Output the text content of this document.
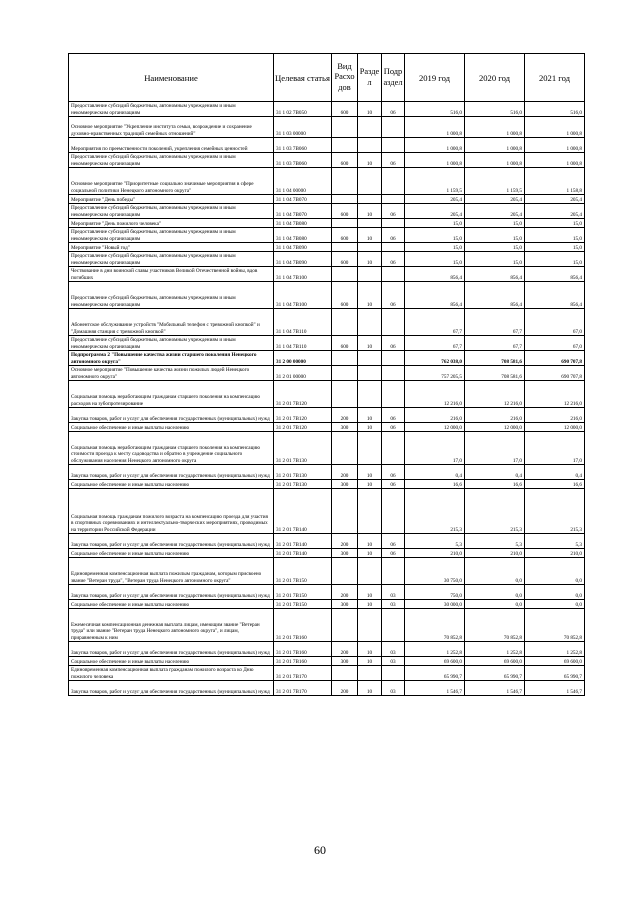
Наименование	Целевая статья	Вид Расхо дов	Разде л	Подр аздел	2019 год	2020 год	2021 год
Предоставление субсидий бюджетным, автономным учреждениям и иным некоммерческим организациям	31 1 02 7В050	600	10	06	516,0	516,0	516,0
Основное мероприятие "Укрепление института семьи, возрождение и сохранение духовно-нравственных традиций семейных отношений"	31 1 03 00000				1 000,8	1 000,8	1 000,8
Мероприятия по преемственности поколений, укрепления семейных ценностей	31 1 03 7В060				1 000,8	1 000,8	1 000,8
Предоставление субсидий бюджетным, автономным учреждениям и иным некоммерческим организациям	31 1 03 7В060	600	10	06	1 000,8	1 000,8	1 000,8
Основное мероприятие "Приоритетные социально значимые мероприятия в сфере социальной политики Ненецкого автономного округа"	31 1 04 00000				1 159,5	1 159,5	1 158,8
Мероприятие "День победы"	31 1 04 7В070				205,4	205,4	205,4
Предоставление субсидий бюджетным, автономным учреждениям и иным некоммерческим организациям	31 1 04 7В070	600	10	06	205,4	205,4	205,4
Мероприятие "День пожилого человека"	31 1 04 7В080				15,0	15,0	15,0
Предоставление субсидий бюджетным, автономным учреждениям и иным некоммерческим организациям	31 1 04 7В080	600	10	06	15,0	15,0	15,0
Мероприятие "Новый год"	31 1 04 7В090				15,0	15,0	15,0
Предоставление субсидий бюджетным, автономным учреждениям и иным некоммерческим организациям	31 1 04 7В090	600	10	06	15,0	15,0	15,0
Чествование в дни воинской славы участников Великой Отечественной войны, вдов погибших	31 1 04 7В100				856,4	856,4	856,4
Предоставление субсидий бюджетным, автономным учреждениям и иным некоммерческим организациям	31 1 04 7В100	600	10	06	856,4	856,4	856,4
Абонентское обслуживание устройств "Мобильный телефон с тревожной кнопкой" и "Домашняя станция с тревожной кнопкой"	31 1 04 7В110				67,7	67,7	67,0
Предоставление субсидий бюджетным, автономным учреждениям и иным некоммерческим организациям	31 1 04 7В110	600	10	06	67,7	67,7	67,0
Подпрограмма 2 "Повышение качества жизни старшего поколения Ненецкого автономного округа"	31 2 00 00000				762 038,0	708 581,6	690 707,8
Основное мероприятие "Повышение качества жизни пожилых людей Ненецкого автономного округа"	31 2 01 00000				757 205,5	708 581,6	690 707,8
Социальная помощь неработающим гражданам старшего поколения на компенсацию расходов на зубопротезирование	31 2 01 7В120				12 216,0	12 216,0	12 216,0
Закупка товаров, работ и услуг для обеспечения государственных (муниципальных) нужд	31 2 01 7В120	200	10	06	216,0	216,0	216,0
Социальное обеспечение и иные выплаты населению	31 2 01 7В120	300	10	06	12 000,0	12 000,0	12 000,0
Социальная помощь неработающим гражданам старшего поколения на компенсацию стоимости проезда к месту садоводства и обратно в учреждение социального обслуживания населения Ненецкого автономного округа	31 2 01 7В130				17,0	17,0	17,0
Закупка товаров, работ и услуг для обеспечения государственных (муниципальных) нужд	31 2 01 7В130	200	10	06	0,4	0,4	0,4
Социальное обеспечение и иные выплаты населению	31 2 01 7В130	300	10	06	16,6	16,6	16,6
Социальная помощь гражданам пожилого возраста на компенсацию проезда для участия в спортивных соревнованиях и интеллектуально-творческих мероприятиях, проводимых на территории Российской Федерации	31 2 01 7В140				215,3	215,3	215,3
Закупка товаров, работ и услуг для обеспечения государственных (муниципальных) нужд	31 2 01 7В140	200	10	06	5,3	5,3	5,3
Социальное обеспечение и иные выплаты населению	31 2 01 7В140	300	10	06	210,0	210,0	210,0
Единовременная компенсационная выплата пожилым гражданам, которым присвоено звание "Ветеран труда", "Ветеран труда Ненецкого автономного округа"	31 2 01 7В150				30 750,0	0,0	0,0
Закупка товаров, работ и услуг для обеспечения государственных (муниципальных) нужд	31 2 01 7В150	200	10	03	750,0	0,0	0,0
Социальное обеспечение и иные выплаты населению	31 2 01 7В150	300	10	03	30 000,0	0,0	0,0
Ежемесячная компенсационная денежная выплата лицам, имеющим звание "Ветеран труда" или звание "Ветеран труда Ненецкого автономного округа", и лицам, приравненным к ним	31 2 01 7В160				70 852,8	70 852,8	70 852,8
Закупка товаров, работ и услуг для обеспечения государственных (муниципальных) нужд	31 2 01 7В160	200	10	03	1 252,8	1 252,8	1 252,8
Социальное обеспечение и иные выплаты населению	31 2 01 7В160	300	10	03	69 600,0	69 600,0	69 600,0
Единовременная компенсационная выплата гражданам пожилого возраста ко Дню пожилого человека	31 2 01 7В170				65 990,7	65 990,7	65 990,7
Закупка товаров, работ и услуг для обеспечения государственных (муниципальных) нужд	31 2 01 7В170	200	10	03	1 546,7	1 546,7	1 546,7
60
